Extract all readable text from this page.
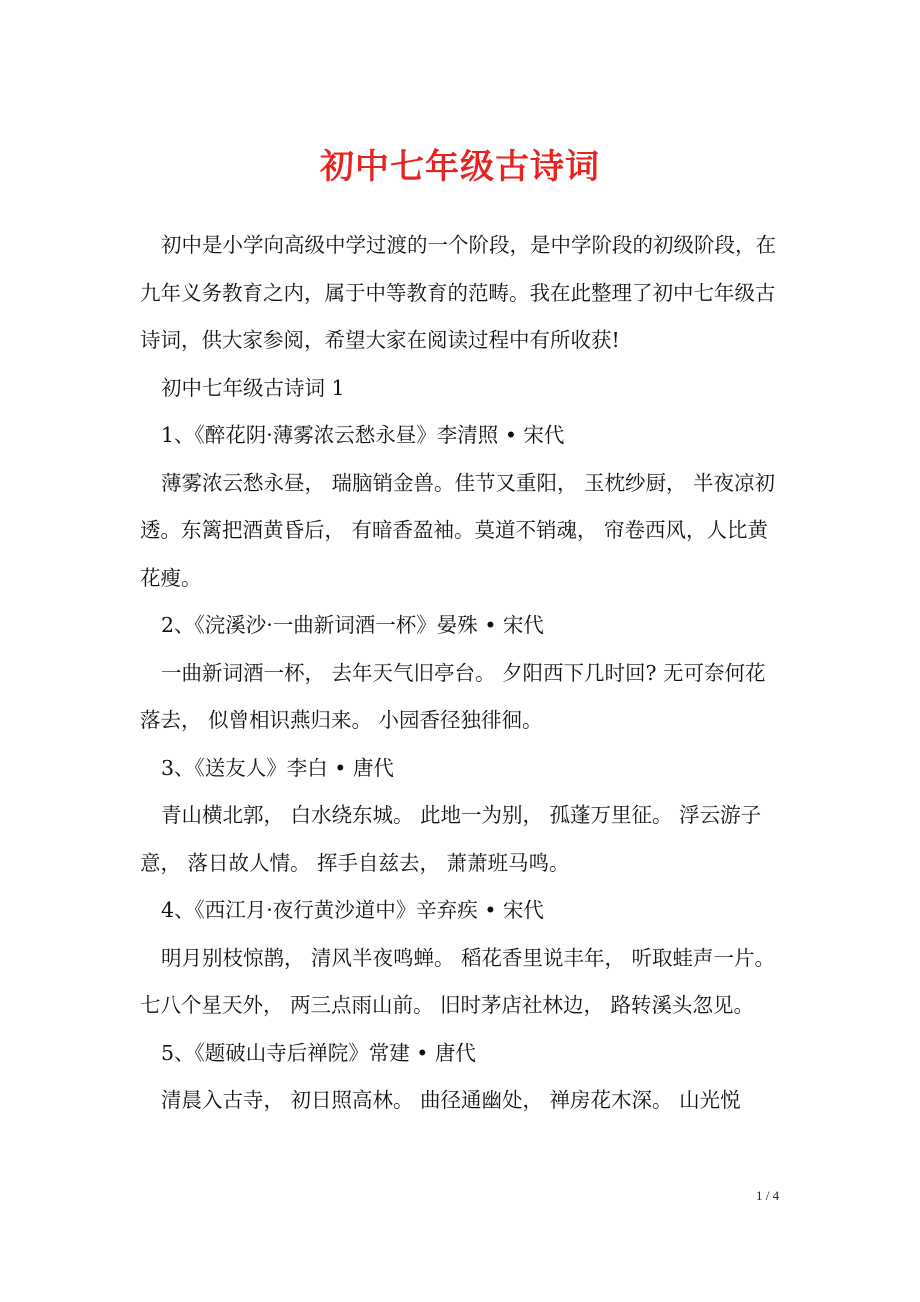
初中七年级古诗词

初中是小学向高级中学过渡的一个阶段，是中学阶段的初级阶段，在九年义务教育之内，属于中等教育的范畴。我在此整理了初中七年级古诗词，供大家参阅，希望大家在阅读过程中有所收获!

初中七年级古诗词 1

1、《醉花阴·薄雾浓云愁永昼》李清照 • 宋代

薄雾浓云愁永昼， 瑞脑销金兽。佳节又重阳， 玉枕纱厨， 半夜凉初透。东篱把酒黄昏后， 有暗香盈袖。莫道不销魂， 帘卷西风，人比黄花瘦。

2、《浣溪沙·一曲新词酒一杯》晏殊 • 宋代

一曲新词酒一杯， 去年天气旧亭台。 夕阳西下几时回? 无可奈何花落去， 似曾相识燕归来。 小园香径独徘徊。

3、《送友人》李白 • 唐代

青山横北郭， 白水绕东城。 此地一为别， 孤蓬万里征。 浮云游子意， 落日故人情。 挥手自兹去， 萧萧班马鸣。

4、《西江月·夜行黄沙道中》辛弃疾 • 宋代

明月别枝惊鹊， 清风半夜鸣蝉。 稻花香里说丰年， 听取蛙声一片。 七八个星天外， 两三点雨山前。 旧时茅店社林边， 路转溪头忽见。

5、《题破山寺后禅院》常建 • 唐代

清晨入古寺， 初日照高林。 曲径通幽处， 禅房花木深。 山光悦

1 / 4
